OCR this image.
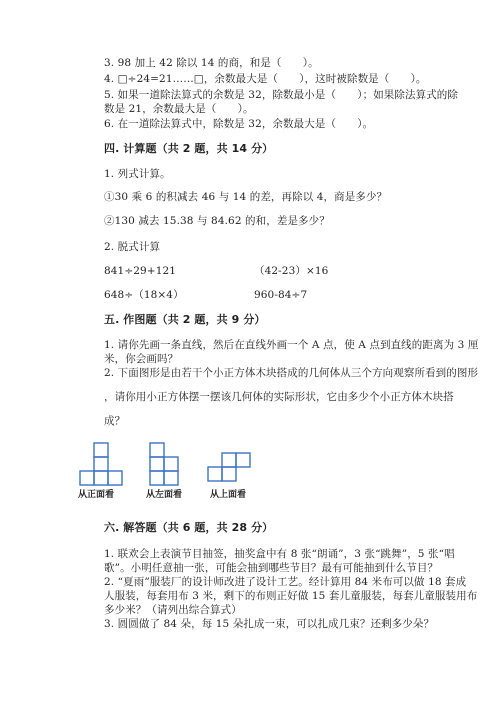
3. 98 加上 42 除以 14 的商，和是（　　）。
4. □÷24=21……□，余数最大是（　　），这时被除数是（　　）。
5. 如果一道除法算式的余数是 32，除数最小是（　　）；如果除法算式的除
数是 21，余数最大是（　　）。
6. 在一道除法算式中，除数是 32，余数最大是（　　）。
四. 计算题（共 2 题，共 14 分）
1. 列式计算。
①30 乘 6 的积减去 46 与 14 的差，再除以 4，商是多少？
②130 减去 15.38 与 84.62 的和，差是多少？
2. 脱式计算
841÷29+121	（42-23）×16
648÷（18×4）	960-84÷7
五. 作图题（共 2 题，共 9 分）
1. 请你先画一条直线，然后在直线外画一个 A 点，使 A 点到直线的距离为 3 厘
米，你会画吗？
2. 下面图形是由若干个小正方体木块搭成的几何体从三个方向观察所看到的图形
，请你用小正方体摆一摆该几何体的实际形状，它由多少个小正方体木块搭
成？
从正面看	从左面看	从上面看
六. 解答题（共 6 题，共 28 分）
1. 联欢会上表演节目抽签，抽奖盒中有 8 张“朗诵”，3 张“跳舞”，5 张“唱
歌”。小明任意抽一张，可能会抽到哪些节目？最有可能抽到什么节目？
2. “夏雨”服装厂的设计师改进了设计工艺。经计算用 84 米布可以做 18 套成
人服装，每套用布 3 米，剩下的布则正好做 15 套儿童服装，每套儿童服装用布
多少米？（请列出综合算式）
3. 圆圆做了 84 朵，每 15 朵扎成一束，可以扎成几束？还剩多少朵？
